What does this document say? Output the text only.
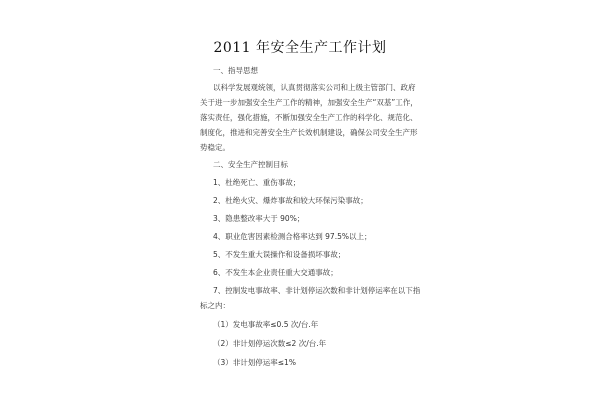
2011 年安全生产工作计划
一、指导思想
以科学发展观统领，认真贯彻落实公司和上级主管部门、政府
关于进一步加强安全生产工作的精神，加强安全生产“双基”工作，
落实责任，强化措施，不断加强安全生产工作的科学化、规范化、
制度化，推进和完善安全生产长效机制建设，确保公司安全生产形
势稳定。
二、安全生产控制目标
1、杜绝死亡、重伤事故；
2、杜绝火灾、爆炸事故和较大环保污染事故；
3、隐患整改率大于 90%；
4、职业危害因素检测合格率达到 97.5%以上；
5、不发生重大误操作和设备损坏事故；
6、不发生本企业责任重大交通事故；
7、控制发电事故率、非计划停运次数和非计划停运率在以下指
标之内：
（1）发电事故率≤0.5 次/台.年
（2）非计划停运次数≤2 次/台.年
（3）非计划停运率≤1%
